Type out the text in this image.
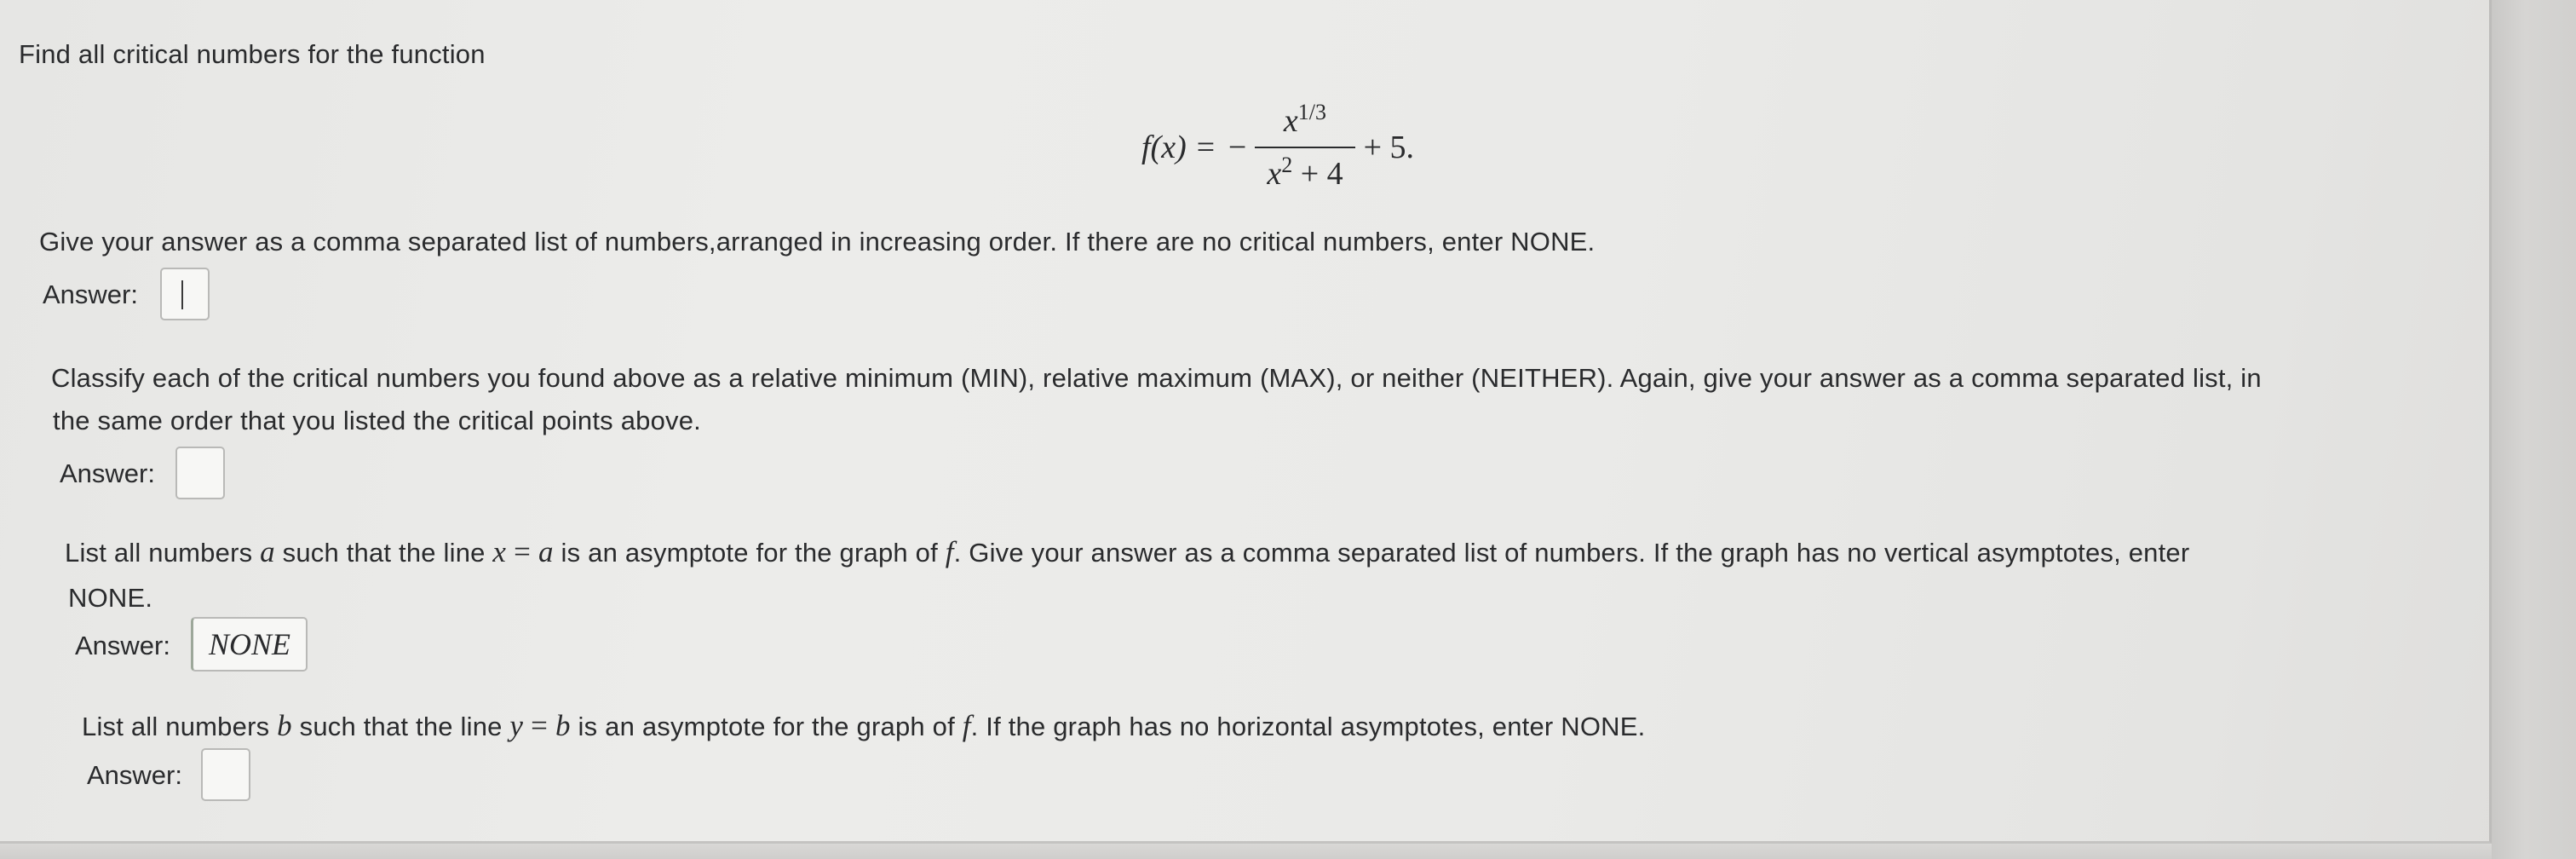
Find all critical numbers for the function
f(x) = − $\frac{x^{1/3}}{x^2 + 4} + 5$.
Give your answer as a comma separated list of numbers,arranged in increasing order. If there are no critical numbers, enter NONE.
Answer:
Classify each of the critical numbers you found above as a relative minimum (MIN), relative maximum (MAX), or neither (NEITHER). Again, give your answer as a comma separated list, in
the same order that you listed the critical points above.
Answer:
List all numbers a such that the line x = a is an asymptote for the graph of f. Give your answer as a comma separated list of numbers. If the graph has no vertical asymptotes, enter
NONE.
Answer:	NONE
List all numbers b such that the line y = b is an asymptote for the graph of f. If the graph has no horizontal asymptotes, enter NONE.
Answer:
